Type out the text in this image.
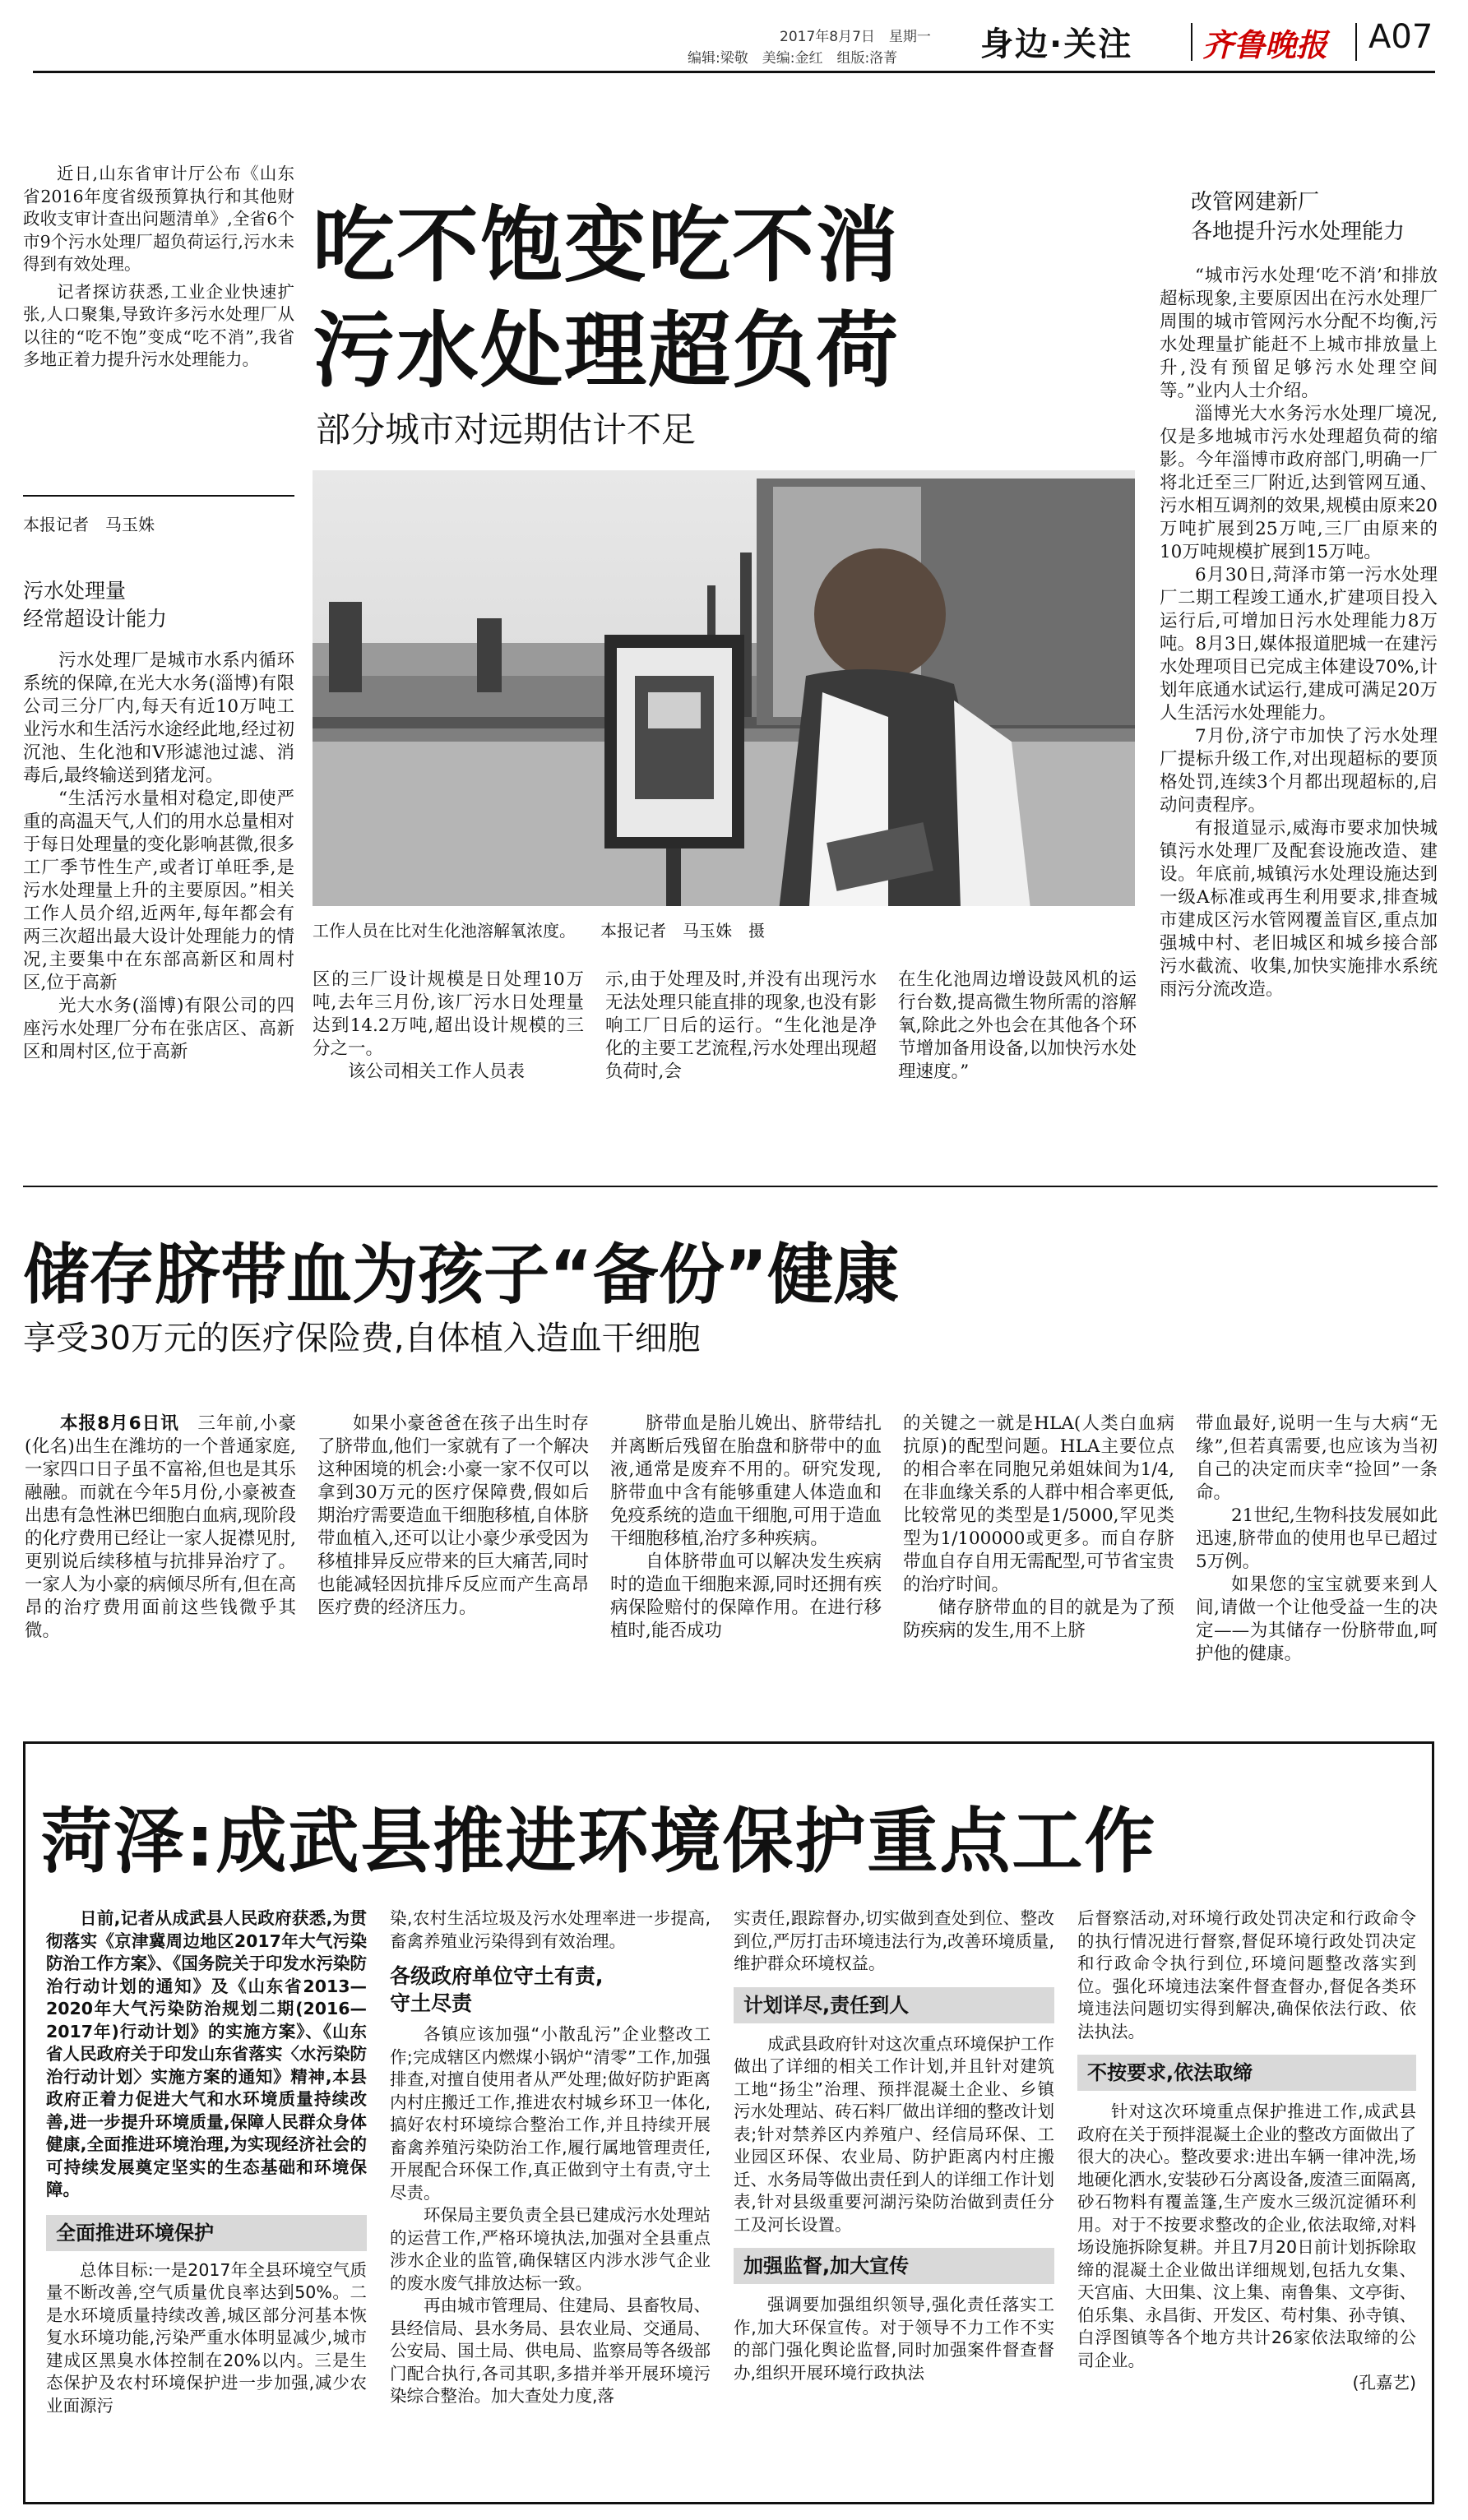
2017年8月7日　星期一
编辑:梁敬　美编:金红　组版:洛菁	身边·关注 齐鲁晚报 A07

近日,山东省审计厅公布《山东省2016年度省级预算执行和其他财政收支审计查出问题清单》,全省6个市9个污水处理厂超负荷运行,污水未得到有效处理。

记者探访获悉,工业企业快速扩张,人口聚集,导致许多污水处理厂从以往的“吃不饱”变成“吃不消”,我省多地正着力提升污水处理能力。

本报记者　马玉姝
污水处理量
经常超设计能力
吃不饱变吃不消
污水处理超负荷
部分城市对远期估计不足

污水处理厂是城市水系内循环系统的保障,在光大水务(淄博)有限公司三分厂内,每天有近10万吨工业污水和生活污水途经此地,经过初沉池、生化池和V形滤池过滤、消毒后,最终输送到猪龙河。

“生活污水量相对稳定,即使严重的高温天气,人们的用水总量相对于每日处理量的变化影响甚微,很多工厂季节性生产,或者订单旺季,是污水处理量上升的主要原因。”相关工作人员介绍,近两年,每年都会有两三次超出最大设计处理能力的情况,主要集中在东部高新区和周村区,位于高新

光大水务(淄博)有限公司的四座污水处理厂分布在张店区、高新区和周村区,位于高新

工作人员在比对生化池溶解氧浓度。　　本报记者　马玉姝　摄

区的三厂设计规模是日处理10万吨,去年三月份,该厂污水日处理量达到14.2万吨,超出设计规模的三分之一。

该公司相关工作人员表

示,由于处理及时,并没有出现污水无法处理只能直排的现象,也没有影响工厂日后的运行。“生化池是净化的主要工艺流程,污水处理出现超负荷时,会

在生化池周边增设鼓风机的运行台数,提高微生物所需的溶解氧,除此之外也会在其他各个环节增加备用设备,以加快污水处理速度。”

改管网建新厂
各地提升污水处理能力

“城市污水处理‘吃不消’和排放超标现象,主要原因出在污水处理厂周围的城市管网污水分配不均衡,污水处理量扩能赶不上城市排放量上升,没有预留足够污水处理空间等。”业内人士介绍。

淄博光大水务污水处理厂境况,仅是多地城市污水处理超负荷的缩影。今年淄博市政府部门,明确一厂将北迁至三厂附近,达到管网互通、污水相互调剂的效果,规模由原来20万吨扩展到25万吨,三厂由原来的10万吨规模扩展到15万吨。

6月30日,菏泽市第一污水处理厂二期工程竣工通水,扩建项目投入运行后,可增加日污水处理能力8万吨。8月3日,媒体报道肥城一在建污水处理项目已完成主体建设70%,计划年底通水试运行,建成可满足20万人生活污水处理能力。

7月份,济宁市加快了污水处理厂提标升级工作,对出现超标的要顶格处罚,连续3个月都出现超标的,启动问责程序。

有报道显示,威海市要求加快城镇污水处理厂及配套设施改造、建设。年底前,城镇污水处理设施达到一级A标准或再生利用要求,排查城市建成区污水管网覆盖盲区,重点加强城中村、老旧城区和城乡接合部污水截流、收集,加快实施排水系统雨污分流改造。

储存脐带血为孩子“备份”健康
享受30万元的医疗保险费,自体植入造血干细胞

本报8月6日讯　 三年前,小豪(化名)出生在潍坊的一个普通家庭,一家四口日子虽不富裕,但也是其乐融融。而就在今年5月份,小豪被查出患有急性淋巴细胞白血病,现阶段的化疗费用已经让一家人捉襟见肘,更别说后续移植与抗排异治疗了。一家人为小豪的病倾尽所有,但在高昂的治疗费用面前这些钱微乎其微。

如果小豪爸爸在孩子出生时存了脐带血,他们一家就有了一个解决这种困境的机会:小豪一家不仅可以拿到30万元的医疗保障费,假如后期治疗需要造血干细胞移植,自体脐带血植入,还可以让小豪少承受因为移植排异反应带来的巨大痛苦,同时也能减轻因抗排斥反应而产生高昂医疗费的经济压力。

脐带血是胎儿娩出、脐带结扎并离断后残留在胎盘和脐带中的血液,通常是废弃不用的。研究发现,脐带血中含有能够重建人体造血和免疫系统的造血干细胞,可用于造血干细胞移植,治疗多种疾病。

自体脐带血可以解决发生疾病时的造血干细胞来源,同时还拥有疾病保险赔付的保障作用。在进行移植时,能否成功

的关键之一就是HLA(人类白血病抗原)的配型问题。HLA主要位点的相合率在同胞兄弟姐妹间为1/4,在非血缘关系的人群中相合率更低,比较常见的类型是1/5000,罕见类型为1/100000或更多。而自存脐带血自存自用无需配型,可节省宝贵的治疗时间。

储存脐带血的目的就是为了预防疾病的发生,用不上脐

带血最好,说明一生与大病“无缘”,但若真需要,也应该为当初自己的决定而庆幸“捡回”一条命。

21世纪,生物科技发展如此迅速,脐带血的使用也早已超过5万例。

如果您的宝宝就要来到人间,请做一个让他受益一生的决定——为其储存一份脐带血,呵护他的健康。

菏泽:成武县推进环境保护重点工作

日前,记者从成武县人民政府获悉,为贯彻落实《京津冀周边地区2017年大气污染防治工作方案》、《国务院关于印发水污染防治行动计划的通知》及《山东省2013—2020年大气污染防治规划二期(2016—2017年)行动计划》的实施方案》、《山东省人民政府关于印发山东省落实〈水污染防治行动计划〉实施方案的通知》精神,本县政府正着力促进大气和水环境质量持续改善,进一步提升环境质量,保障人民群众身体健康,全面推进环境治理,为实现经济社会的可持续发展奠定坚实的生态基础和环境保障。

全面推进环境保护

总体目标:一是2017年全县环境空气质量不断改善,空气质量优良率达到50%。二是水环境质量持续改善,城区部分河基本恢复水环境功能,污染严重水体明显减少,城市建成区黑臭水体控制在20%以内。三是生态保护及农村环境保护进一步加强,减少农业面源污

染,农村生活垃圾及污水处理率进一步提高,畜禽养殖业污染得到有效治理。

各级政府单位守土有责,
守土尽责

各镇应该加强“小散乱污”企业整改工作;完成辖区内燃煤小锅炉“清零”工作,加强排查,对擅自使用者从严处理;做好防护距离内村庄搬迁工作,推进农村城乡环卫一体化,搞好农村环境综合整治工作,并且持续开展畜禽养殖污染防治工作,履行属地管理责任,开展配合环保工作,真正做到守土有责,守土尽责。

环保局主要负责全县已建成污水处理站的运营工作,严格环境执法,加强对全县重点涉水企业的监管,确保辖区内涉水涉气企业的废水废气排放达标一致。

再由城市管理局、住建局、县畜牧局、县经信局、县水务局、县农业局、交通局、公安局、国土局、供电局、监察局等各级部门配合执行,各司其职,多措并举开展环境污染综合整治。加大查处力度,落

实责任,跟踪督办,切实做到查处到位、整改到位,严厉打击环境违法行为,改善环境质量,维护群众环境权益。

计划详尽,责任到人

成武县政府针对这次重点环境保护工作做出了详细的相关工作计划,并且针对建筑工地“扬尘”治理、预拌混凝土企业、乡镇污水处理站、砖石料厂做出详细的整改计划表;针对禁养区内养殖户、经信局环保、工业园区环保、农业局、防护距离内村庄搬迁、水务局等做出责任到人的详细工作计划表,针对县级重要河湖污染防治做到责任分工及河长设置。

加强监督,加大宣传

强调要加强组织领导,强化责任落实工作,加大环保宣传。对于领导不力工作不实的部门强化舆论监督,同时加强案件督查督办,组织开展环境行政执法

后督察活动,对环境行政处罚决定和行政命令的执行情况进行督察,督促环境行政处罚决定和行政命令执行到位,环境问题整改落实到位。强化环境违法案件督查督办,督促各类环境违法问题切实得到解决,确保依法行政、依法执法。

不按要求,依法取缔

针对这次环境重点保护推进工作,成武县政府在关于预拌混凝土企业的整改方面做出了很大的决心。整改要求:进出车辆一律冲洗,场地硬化洒水,安装砂石分离设备,废渣三面隔离,砂石物料有覆盖篷,生产废水三级沉淀循环利用。对于不按要求整改的企业,依法取缔,对料场设施拆除复耕。并且7月20日前计划拆除取缔的混凝土企业做出详细规划,包括九女集、天宫庙、大田集、汶上集、南鲁集、文亭街、伯乐集、永昌街、开发区、苟村集、孙寺镇、白浮图镇等各个地方共计26家依法取缔的公司企业。

(孔嘉艺)
